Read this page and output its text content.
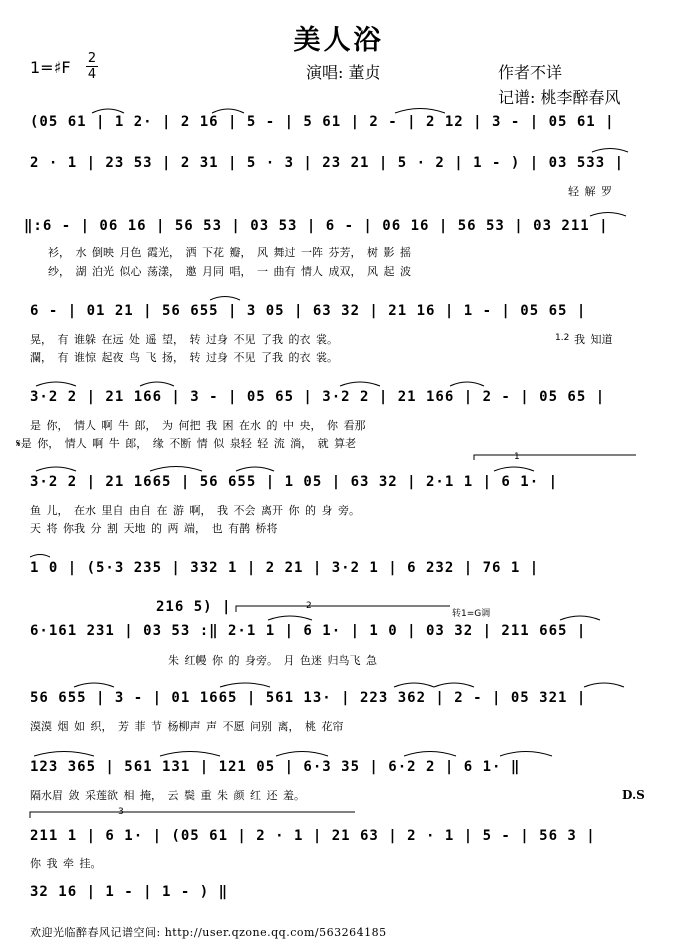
美人浴
1=♯F 2
4	演唱: 董贞	作者不详
记谱: 桃李醉春风
(05 61 | 1 2· | 2 16 | 5 - | 5 61 | 2 - | 2 12 | 3 - | 05 61 |
2 · 1 | 23 53 | 2 31 | 5 · 3 | 23 21 | 5 · 2 | 1 - ) | 03 533 |
轻 解 罗
‖:6 - | 06 16 | 56 53 | 03 53 | 6 - | 06 16 | 56 53 | 03 211 |
衫， 水 倒映 月色 霞光， 洒 下花 瓣， 风 舞过 一阵 芬芳， 树 影 摇
纱， 湖 泊光 似心 荡漾， 邀 月同 唱， 一 曲有 情人 成双， 风 起 波
6 - | 01 21 | 56 655 | 3 05 | 63 32 | 21 16 | 1 - | 05 65 |
晃， 有 谁躲 在远 处 遥 望， 转 过身 不见 了我 的衣 裳。
瀾， 有 谁惊 起夜 鸟 飞 扬， 转 过身 不见 了我 的衣 裳。
1.2 我 知道
3·2 2 | 21 166 | 3 - | 05 65 | 3·2 2 | 21 166 | 2 - | 05 65 |
是 你， 情人 啊 牛 郎， 为 何把 我 困 在水 的 中 央， 你 看那
𝄋是 你， 情人 啊 牛 郎， 缘 不断 情 似 泉轻 轻 流 淌， 就 算老
3·2 2 | 21 1665 | 56 655 | 1 05 | 63 32 | 2·1 1 | 6 1· |
鱼 儿， 在水 里自 由自 在 游 啊， 我 不会 离开 你 的 身 旁。
天 将 你我 分 割 天地 的 两 端， 也 有鹊 桥将
1
1 0 | (5·3 235 | 332 1 | 2 21 | 3·2 1 | 6 232 | 76 1 |
216 5) |
6·161 231 | 03 53 :‖ 2·1 1 | 6 1· | 1 0 | 03 32 | 211 665 |
朱 红幔 你 的 身旁。 月 色迷 归鸟飞 急
2
转1=G调
56 655 | 3 - | 01 1665 | 561 13· | 223 362 | 2 - | 05 321 |
漠漠 烟 如 织， 芳 菲 节 杨柳声 声 不愿 问别 离， 桃 花帘
123 365 | 561 131 | 121 05 | 6·3 35 | 6·2 2 | 6 1· ‖
隔水眉 敛 采莲欲 相 掩， 云 鬓 重 朱 颜 红 还 羞。	D.S
211 1 | 6 1· | (05 61 | 2 · 1 | 21 63 | 2 · 1 | 5 - | 56 3 |
你 我 牵 挂。
3
32 16 | 1 - | 1 - ) ‖
欢迎光临醉春风记谱空间: http://user.qzone.qq.com/563264185
